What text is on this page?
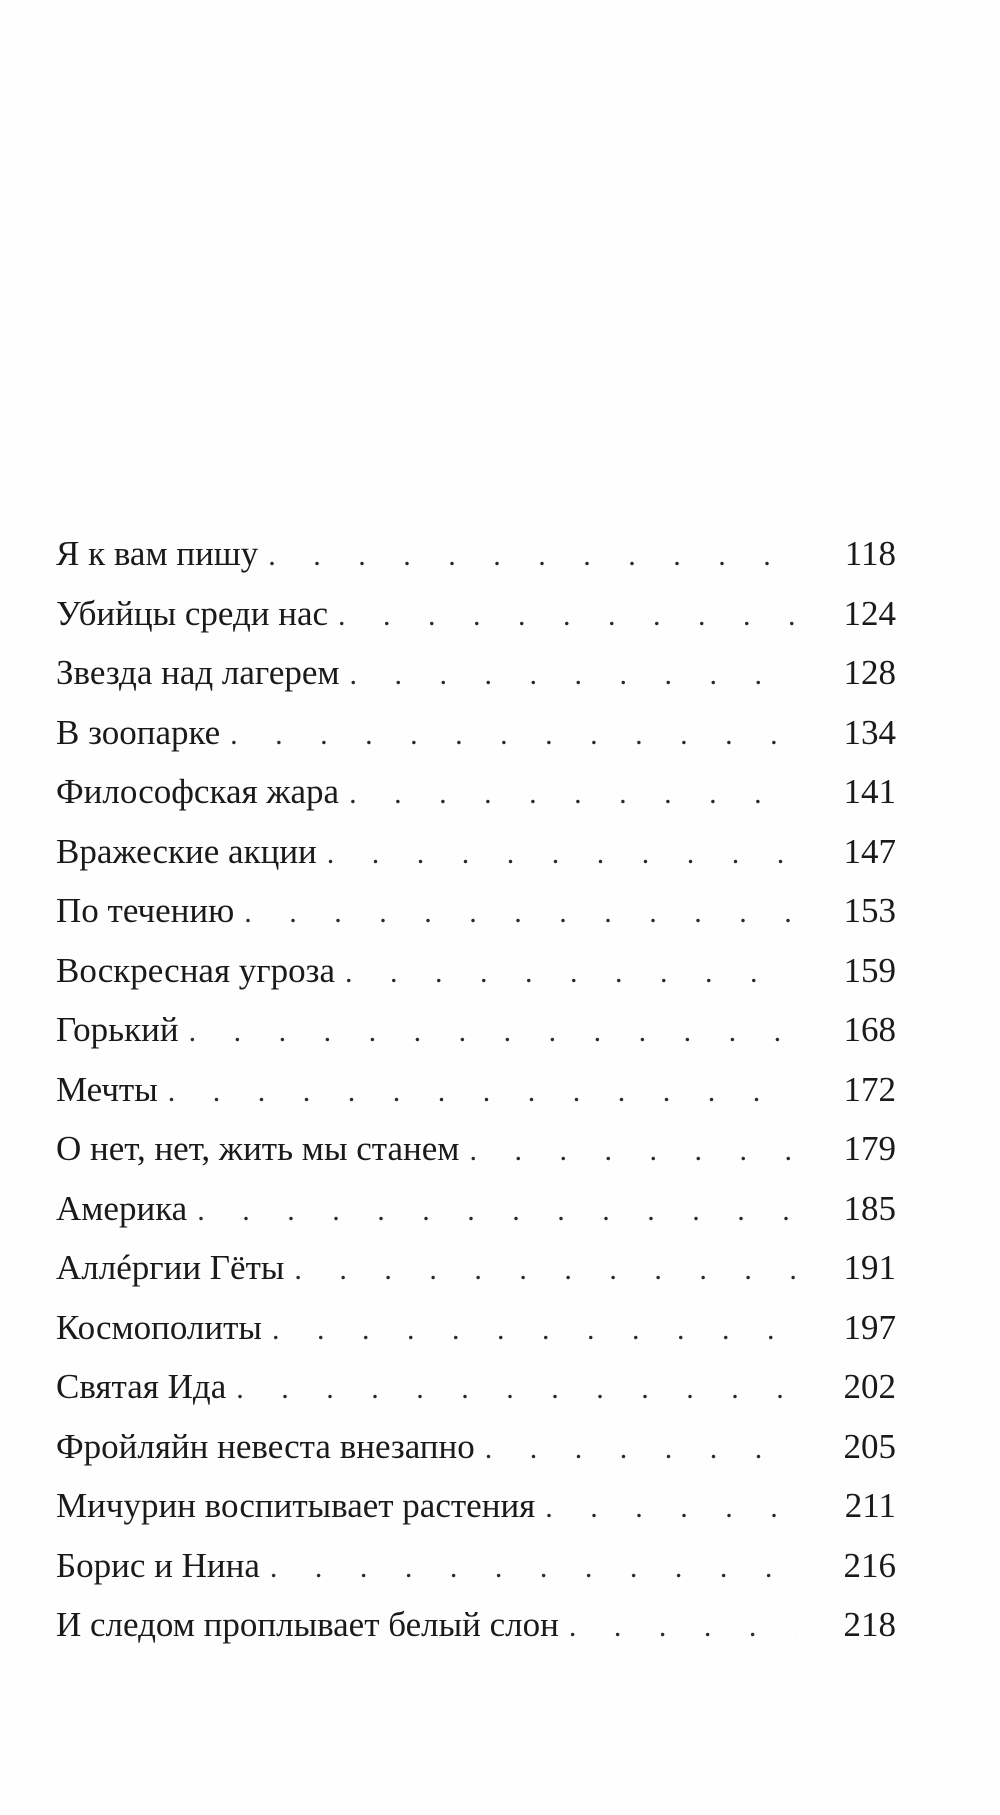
Я к вам пишу . . .	118
Убийцы среди нас . . .	124
Звезда над лагерем . . .	128
В зоопарке . . .	134
Философская жара . . .	141
Вражеские акции . . .	147
По течению . . .	153
Воскресная угроза . . .	159
Горький . . .	168
Мечты . . .	172
О нет, нет, жить мы станем . . .	179
Америка . . .	185
Аллéргии Гёты . . .	191
Космополиты . . .	197
Святая Ида . . .	202
Фройляйн невеста внезапно . . .	205
Мичурин воспитывает растения . . .	211
Борис и Нина . . .	216
И следом проплывает белый слон . . .	218
